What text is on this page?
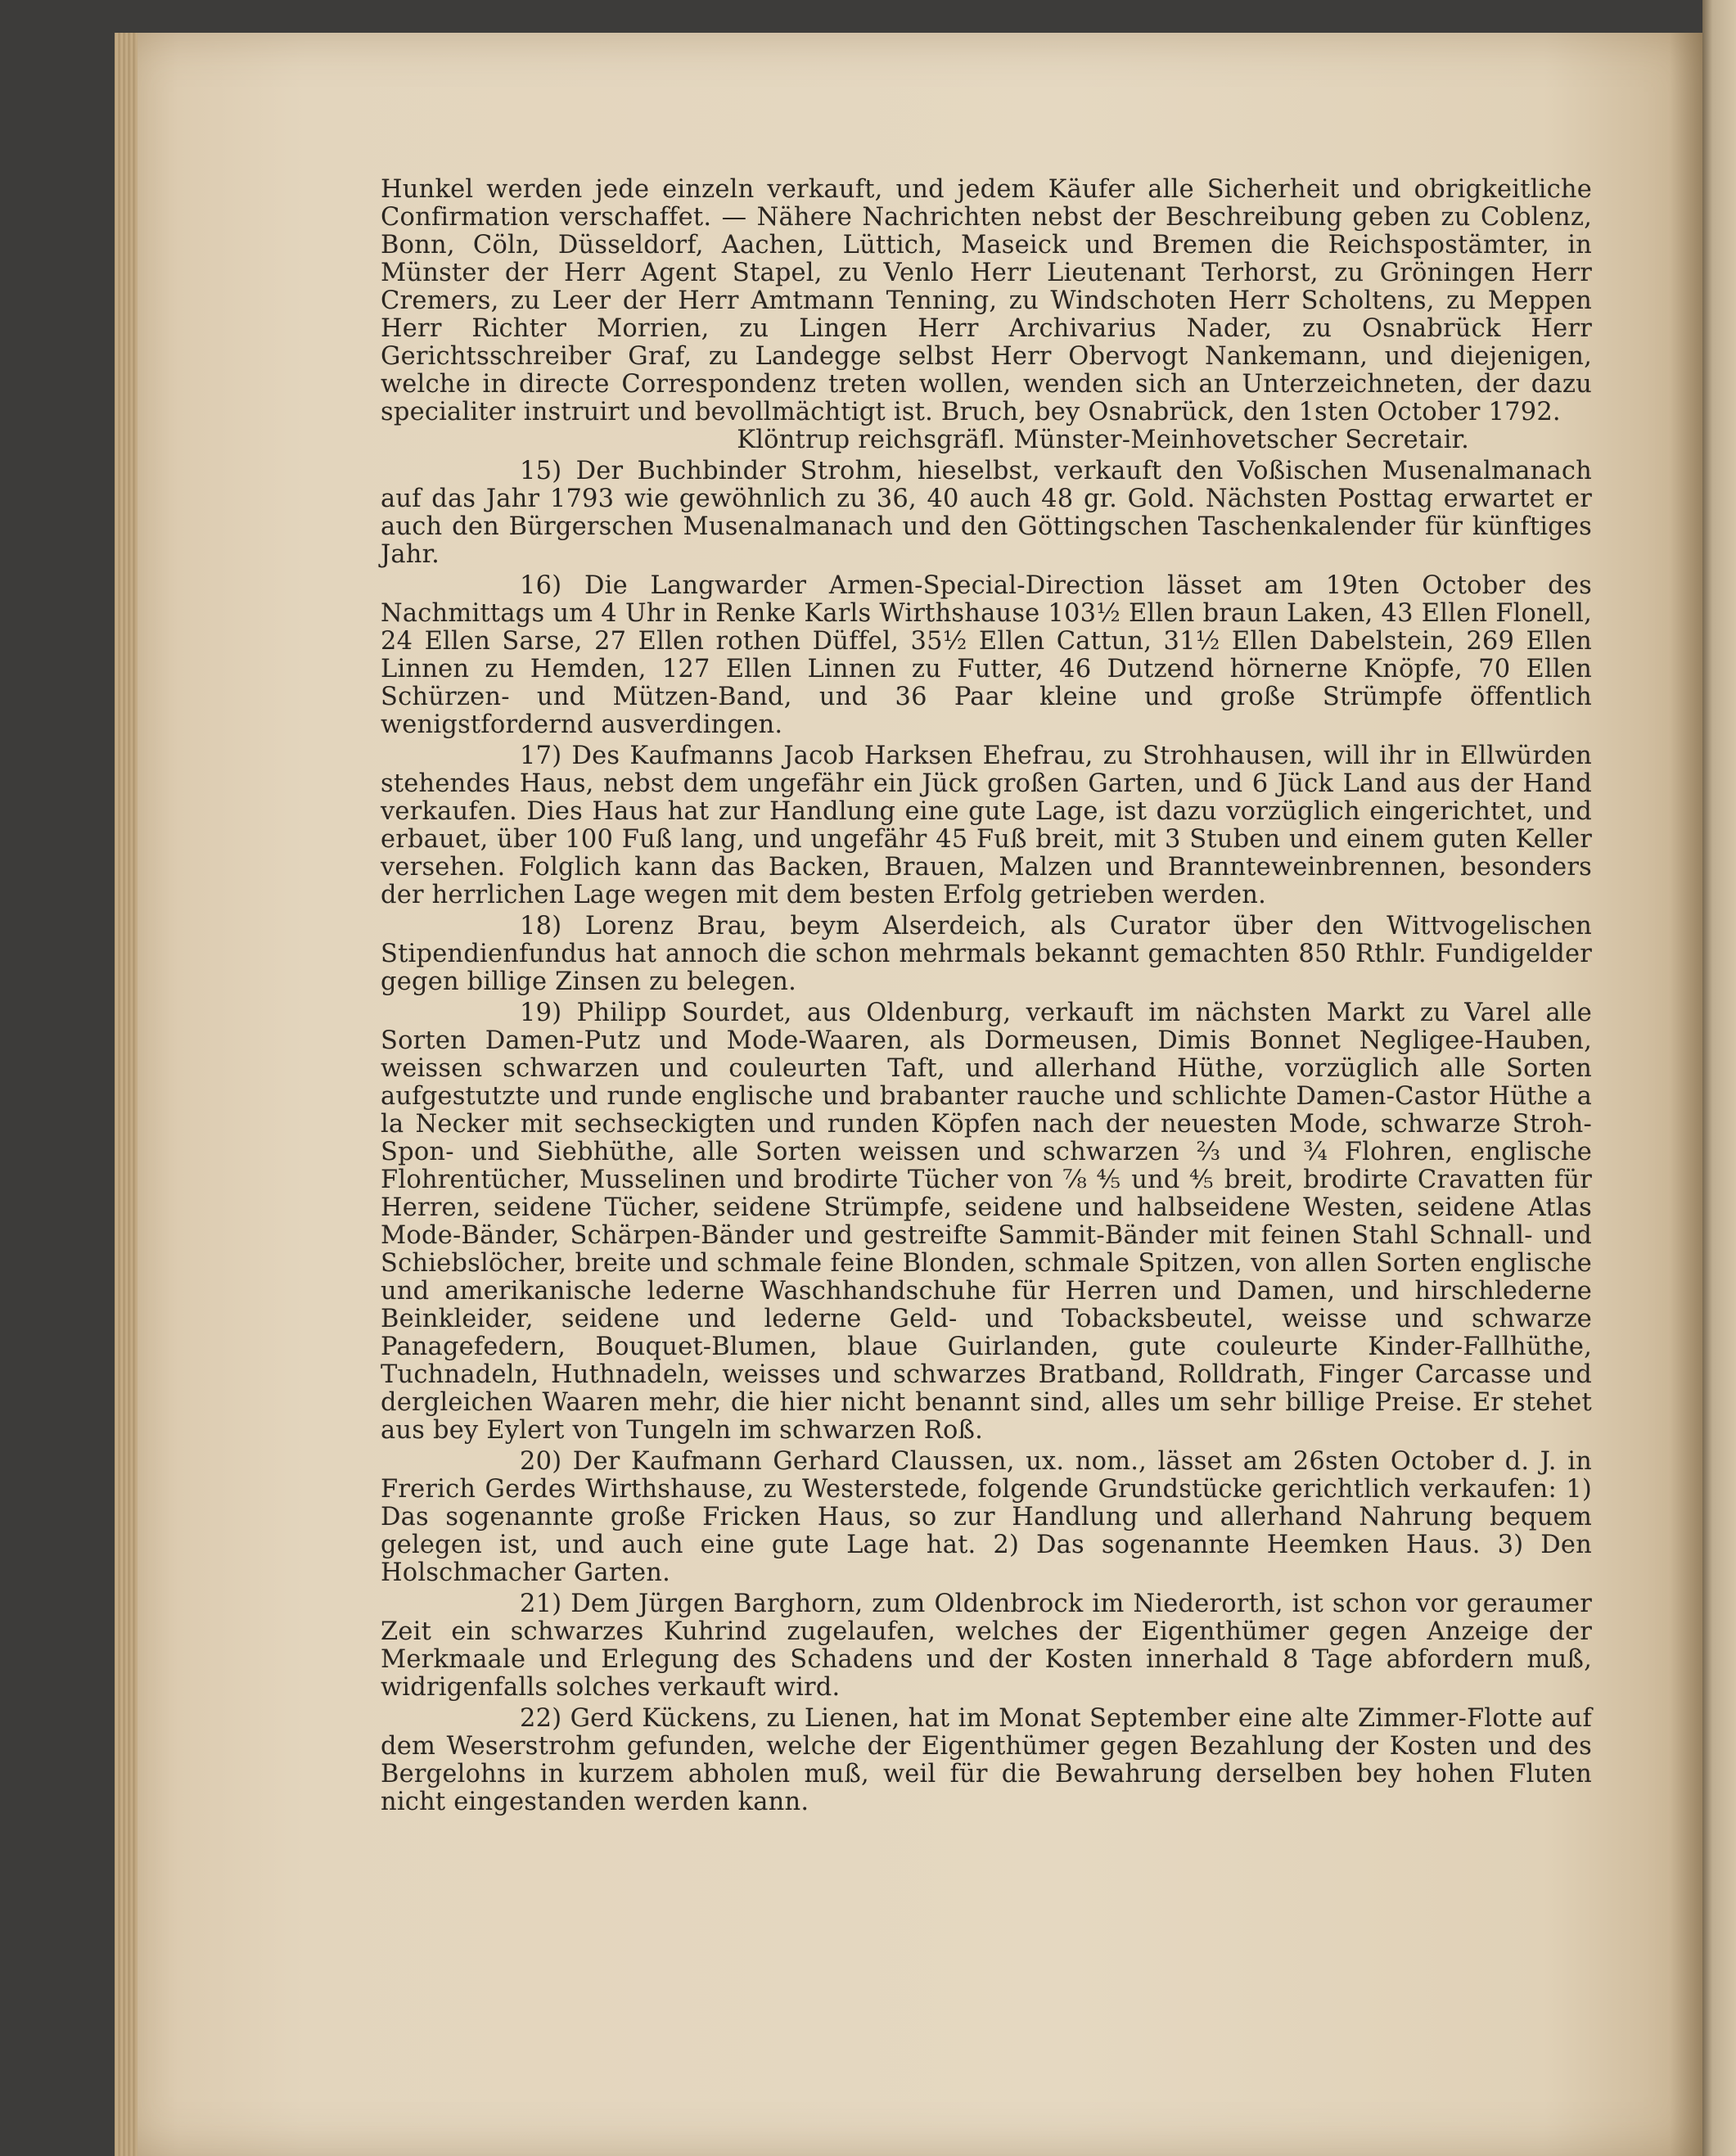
Hunkel werden jede einzeln verkauft, und jedem Käufer alle Sicherheit und obrigkeitliche Confirmation verschaffet. — Nähere Nachrichten nebst der Beschreibung geben zu Coblenz, Bonn, Cöln, Düsseldorf, Aachen, Lüttich, Maseick und Bremen die Reichspostämter, in Münster der Herr Agent Stapel, zu Venlo Herr Lieutenant Terhorst, zu Gröningen Herr Cremers, zu Leer der Herr Amtmann Tenning, zu Windschoten Herr Scholtens, zu Meppen Herr Richter Morrien, zu Lingen Herr Archivarius Nader, zu Osnabrück Herr Gerichtsschreiber Graf, zu Landegge selbst Herr Obervogt Nankemann, und diejenigen, welche in directe Correspondenz treten wollen, wenden sich an Unterzeichneten, der dazu specialiter instruirt und bevollmächtigt ist. Bruch, bey Osnabrück, den 1sten October 1792.

Klöntrup reichsgräfl. Münster-Meinhovetscher Secretair.

15) Der Buchbinder Strohm, hieselbst, verkauft den Voßischen Musenalmanach auf das Jahr 1793 wie gewöhnlich zu 36, 40 auch 48 gr. Gold. Nächsten Posttag erwartet er auch den Bürgerschen Musenalmanach und den Göttingschen Taschenkalender für künftiges Jahr.

16) Die Langwarder Armen-Special-Direction lässet am 19ten October des Nachmittags um 4 Uhr in Renke Karls Wirthshause 103½ Ellen braun Laken, 43 Ellen Flonell, 24 Ellen Sarse, 27 Ellen rothen Düffel, 35½ Ellen Cattun, 31½ Ellen Dabelstein, 269 Ellen Linnen zu Hemden, 127 Ellen Linnen zu Futter, 46 Dutzend hörnerne Knöpfe, 70 Ellen Schürzen- und Mützen-Band, und 36 Paar kleine und große Strümpfe öffentlich wenigstfordernd ausverdingen.

17) Des Kaufmanns Jacob Harksen Ehefrau, zu Strohhausen, will ihr in Ellwürden stehendes Haus, nebst dem ungefähr ein Jück großen Garten, und 6 Jück Land aus der Hand verkaufen. Dies Haus hat zur Handlung eine gute Lage, ist dazu vorzüglich eingerichtet, und erbauet, über 100 Fuß lang, und ungefähr 45 Fuß breit, mit 3 Stuben und einem guten Keller versehen. Folglich kann das Backen, Brauen, Malzen und Brannteweinbrennen, besonders der herrlichen Lage wegen mit dem besten Erfolg getrieben werden.

18) Lorenz Brau, beym Alserdeich, als Curator über den Wittvogelischen Stipendienfundus hat annoch die schon mehrmals bekannt gemachten 850 Rthlr. Fundigelder gegen billige Zinsen zu belegen.

19) Philipp Sourdet, aus Oldenburg, verkauft im nächsten Markt zu Varel alle Sorten Damen-Putz und Mode-Waaren, als Dormeusen, Dimis Bonnet Negligee-Hauben, weissen schwarzen und couleurten Taft, und allerhand Hüthe, vorzüglich alle Sorten aufgestutzte und runde englische und brabanter rauche und schlichte Damen-Castor Hüthe a la Necker mit sechseckigten und runden Köpfen nach der neuesten Mode, schwarze Stroh- Spon- und Siebhüthe, alle Sorten weissen und schwarzen ⅔ und ¾ Flohren, englische Flohrentücher, Musselinen und brodirte Tücher von ⅞ ⅘ und ⅘ breit, brodirte Cravatten für Herren, seidene Tücher, seidene Strümpfe, seidene und halbseidene Westen, seidene Atlas Mode-Bänder, Schärpen-Bänder und gestreifte Sammit-Bänder mit feinen Stahl Schnall- und Schiebslöcher, breite und schmale feine Blonden, schmale Spitzen, von allen Sorten englische und amerikanische lederne Waschhandschuhe für Herren und Damen, und hirschlederne Beinkleider, seidene und lederne Geld- und Tobacksbeutel, weisse und schwarze Panagefedern, Bouquet-Blumen, blaue Guirlanden, gute couleurte Kinder-Fallhüthe, Tuchnadeln, Huthnadeln, weisses und schwarzes Bratband, Rolldrath, Finger Carcasse und dergleichen Waaren mehr, die hier nicht benannt sind, alles um sehr billige Preise. Er stehet aus bey Eylert von Tungeln im schwarzen Roß.

20) Der Kaufmann Gerhard Claussen, ux. nom., lässet am 26sten October d. J. in Frerich Gerdes Wirthshause, zu Westerstede, folgende Grundstücke gerichtlich verkaufen: 1) Das sogenannte große Fricken Haus, so zur Handlung und allerhand Nahrung bequem gelegen ist, und auch eine gute Lage hat. 2) Das sogenannte Heemken Haus. 3) Den Holschmacher Garten.

21) Dem Jürgen Barghorn, zum Oldenbrock im Niederorth, ist schon vor geraumer Zeit ein schwarzes Kuhrind zugelaufen, welches der Eigenthümer gegen Anzeige der Merkmaale und Erlegung des Schadens und der Kosten innerhald 8 Tage abfordern muß, widrigenfalls solches verkauft wird.

22) Gerd Kückens, zu Lienen, hat im Monat September eine alte Zimmer-Flotte auf dem Weserstrohm gefunden, welche der Eigenthümer gegen Bezahlung der Kosten und des Bergelohns in kurzem abholen muß, weil für die Bewahrung derselben bey hohen Fluten nicht eingestanden werden kann.
